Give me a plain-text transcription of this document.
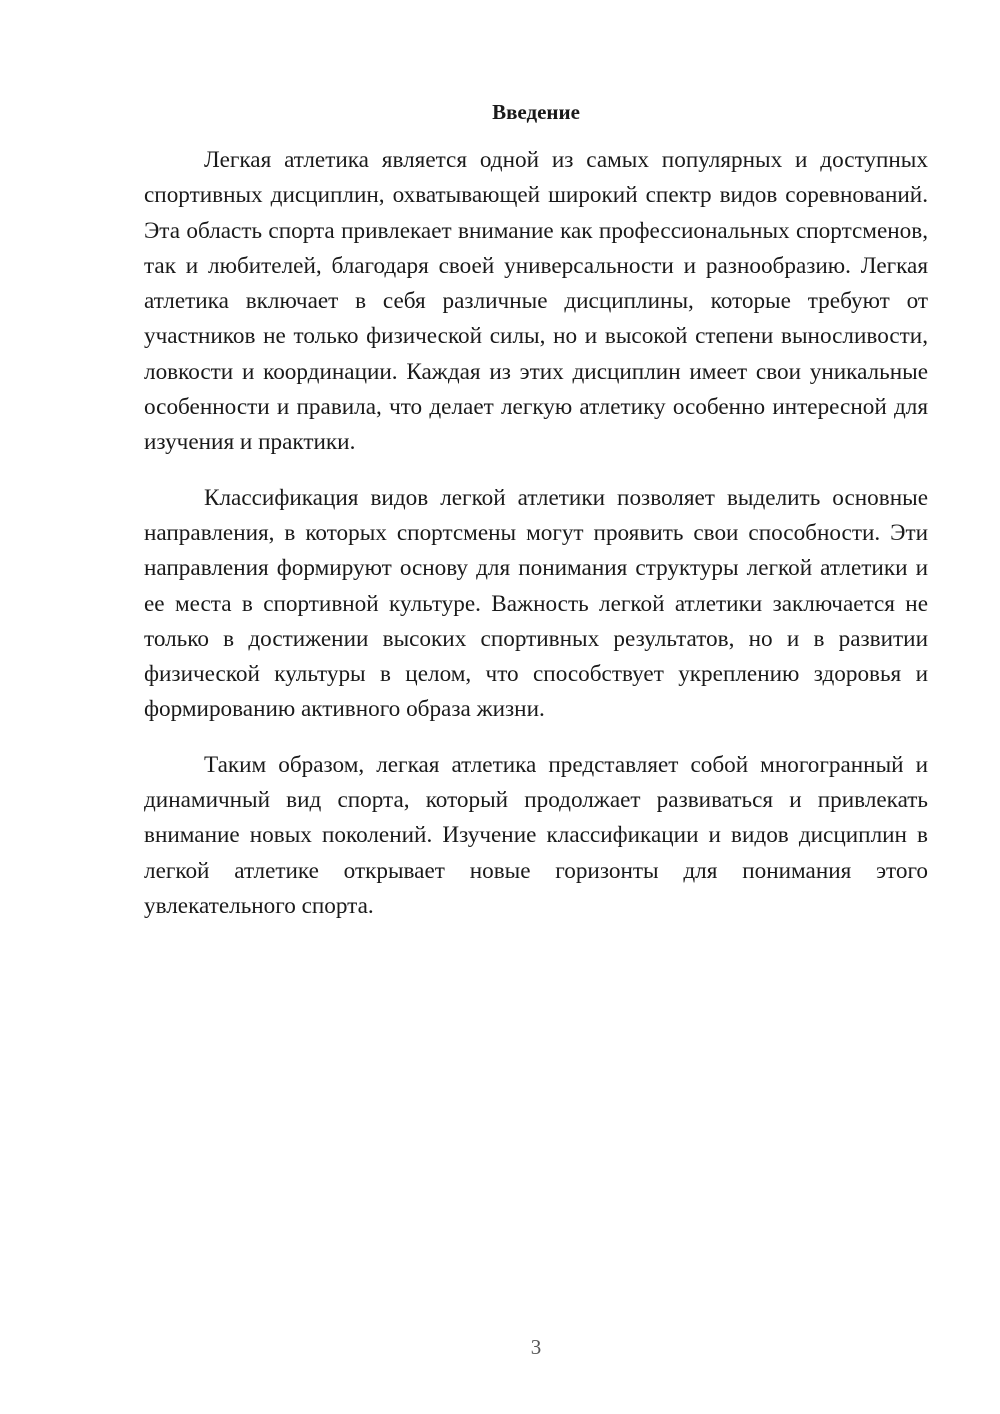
Введение

Легкая атлетика является одной из самых популярных и доступных спортивных дисциплин, охватывающей широкий спектр видов соревнований. Эта область спорта привлекает внимание как профессиональных спортсменов, так и любителей, благодаря своей универсальности и разнообразию. Легкая атлетика включает в себя различные дисциплины, которые требуют от участников не только физической силы, но и высокой степени выносливости, ловкости и координации. Каждая из этих дисциплин имеет свои уникальные особенности и правила, что делает легкую атлетику особенно интересной для изучения и практики.

Классификация видов легкой атлетики позволяет выделить основные направления, в которых спортсмены могут проявить свои способности. Эти направления формируют основу для понимания структуры легкой атлетики и ее места в спортивной культуре. Важность легкой атлетики заключается не только в достижении высоких спортивных результатов, но и в развитии физической культуры в целом, что способствует укреплению здоровья и формированию активного образа жизни.

Таким образом, легкая атлетика представляет собой многогранный и динамичный вид спорта, который продолжает развиваться и привлекать внимание новых поколений. Изучение классификации и видов дисциплин в легкой атлетике открывает новые горизонты для понимания этого увлекательного спорта.

3
